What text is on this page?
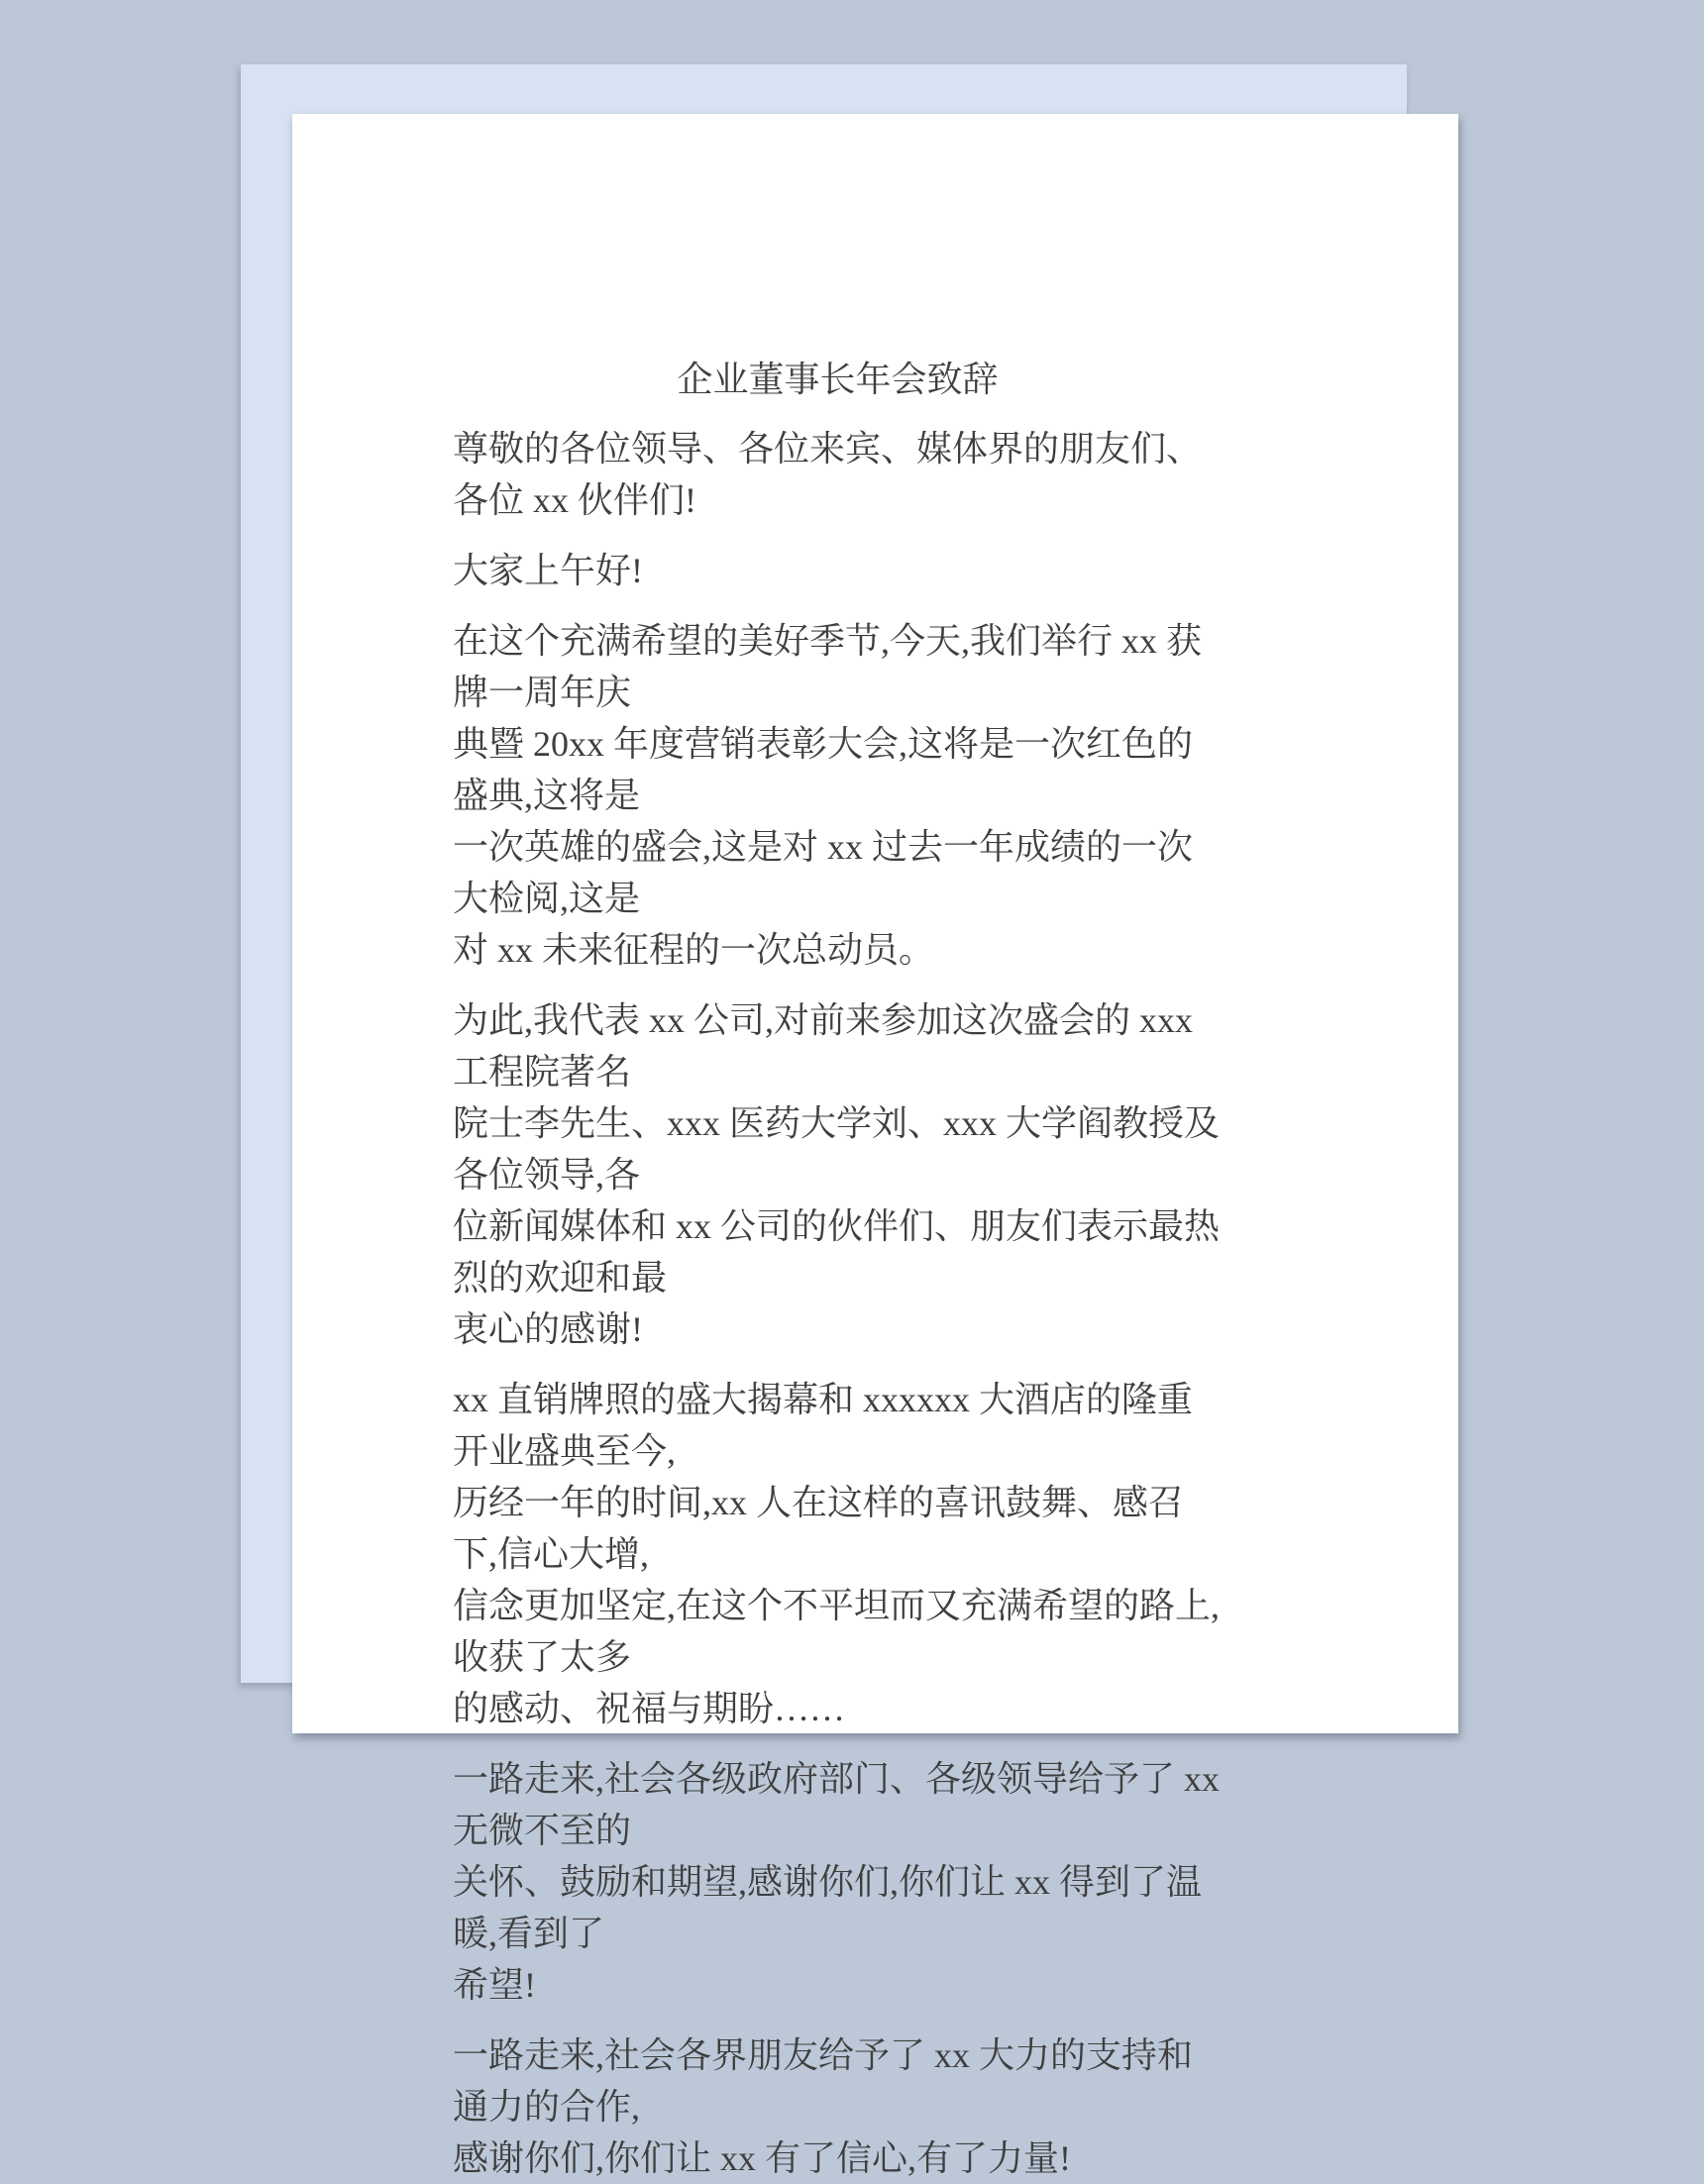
企业董事长年会致辞

尊敬的各位领导、各位来宾、媒体界的朋友们、各位 xx 伙伴们!

大家上午好!

在这个充满希望的美好季节,今天,我们举行 xx 获牌一周年庆
典暨 20xx 年度营销表彰大会,这将是一次红色的盛典,这将是
一次英雄的盛会,这是对 xx 过去一年成绩的一次大检阅,这是
对 xx 未来征程的一次总动员。

为此,我代表 xx 公司,对前来参加这次盛会的 xxx 工程院著名
院士李先生、xxx 医药大学刘、xxx 大学阎教授及各位领导,各
位新闻媒体和 xx 公司的伙伴们、朋友们表示最热烈的欢迎和最
衷心的感谢!

xx 直销牌照的盛大揭幕和 xxxxxx 大酒店的隆重开业盛典至今,
历经一年的时间,xx 人在这样的喜讯鼓舞、感召下,信心大增,
信念更加坚定,在这个不平坦而又充满希望的路上,收获了太多
的感动、祝福与期盼……

一路走来,社会各级政府部门、各级领导给予了 xx 无微不至的
关怀、鼓励和期望,感谢你们,你们让 xx 得到了温暖,看到了
希望!

一路走来,社会各界朋友给予了 xx 大力的支持和通力的合作,
感谢你们,你们让 xx 有了信心,有了力量!
